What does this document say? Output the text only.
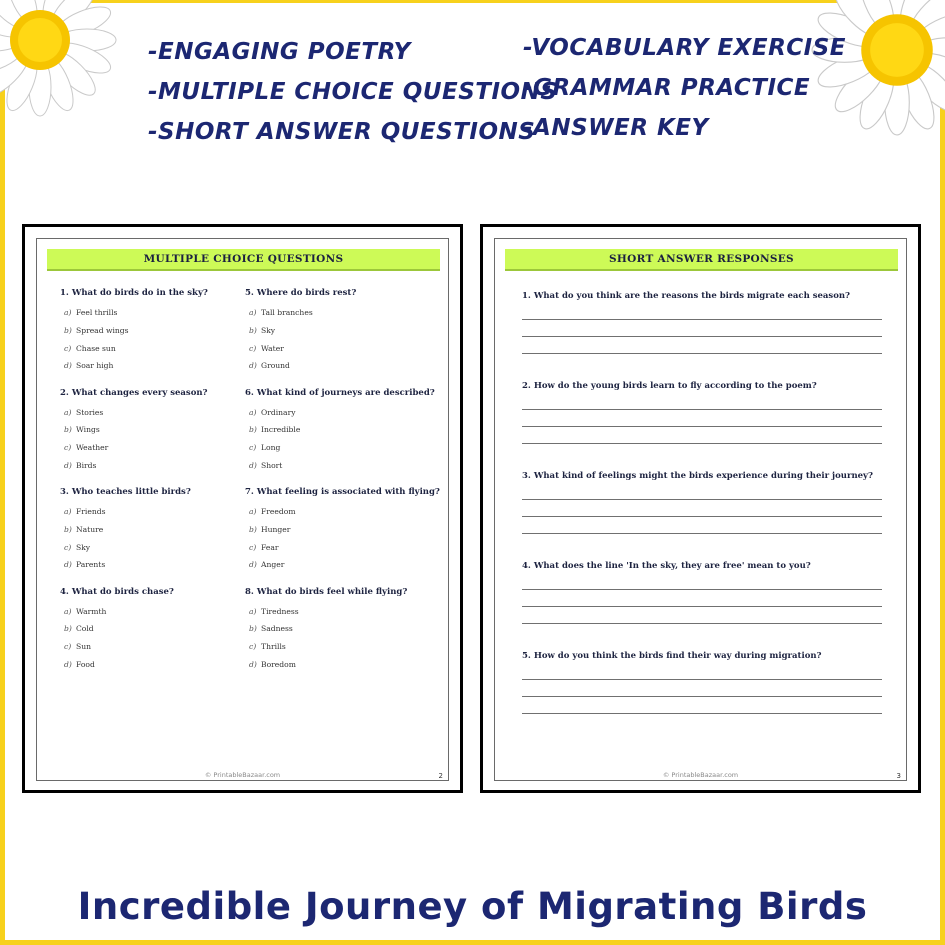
-ENGAGING POETRY
-MULTIPLE CHOICE QUESTIONS
-SHORT ANSWER QUESTIONS
-VOCABULARY EXERCISE
-GRAMMAR PRACTICE
-ANSWER KEY
MULTIPLE CHOICE QUESTIONS
1. What do birds do in the sky?
a) Feel thrills
b) Spread wings
c) Chase sun
d) Soar high
2. What changes every season?
a) Stories
b) Wings
c) Weather
d) Birds
3. Who teaches little birds?
a) Friends
b) Nature
c) Sky
d) Parents
4. What do birds chase?
a) Warmth
b) Cold
c) Sun
d) Food
5. Where do birds rest?
a) Tall branches
b) Sky
c) Water
d) Ground
6. What kind of journeys are described?
a) Ordinary
b) Incredible
c) Long
d) Short
7. What feeling is associated with flying?
a) Freedom
b) Hunger
c) Fear
d) Anger
8. What do birds feel while flying?
a) Tiredness
b) Sadness
c) Thrills
d) Boredom
© PrintableBazaar.com	2
SHORT ANSWER RESPONSES
1. What do you think are the reasons the birds migrate each season?
2. How do the young birds learn to fly according to the poem?
3. What kind of feelings might the birds experience during their journey?
4. What does the line 'In the sky, they are free' mean to you?
5. How do you think the birds find their way during migration?
© PrintableBazaar.com	3
Incredible Journey of Migrating Birds
